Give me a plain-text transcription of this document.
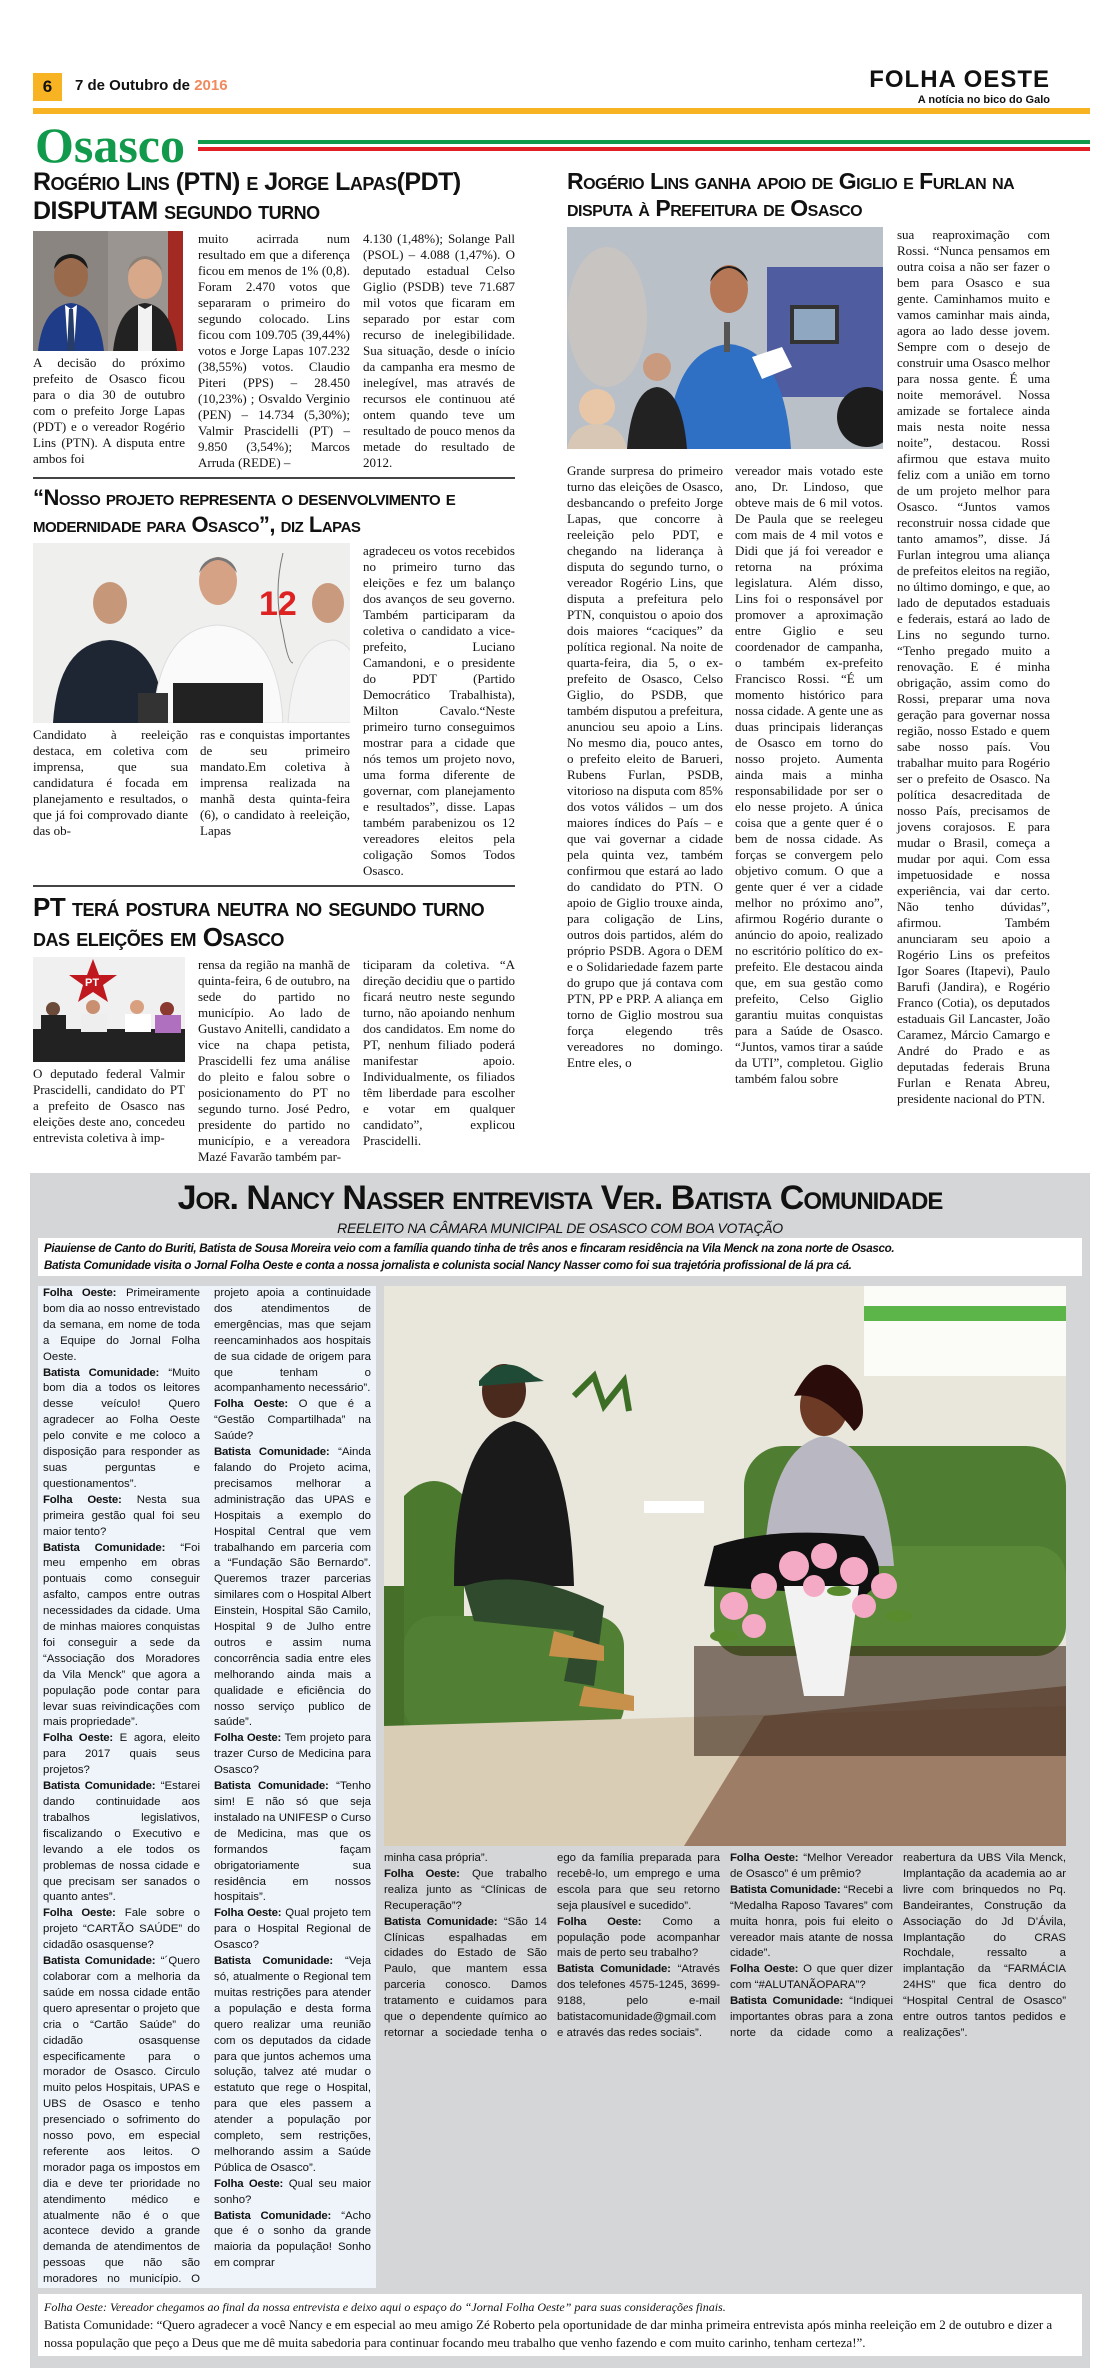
6	7 de Outubro de 2016	FOLHA OESTE
A notícia no bico do Galo
Osasco
Rogério Lins (PTN) e Jorge Lapas(PDT) DISPUTAM segundo turno
A decisão do próximo prefeito de Osasco ficou para o dia 30 de outubro com o prefeito Jorge Lapas (PDT) e o vereador Rogério Lins (PTN). A disputa entre ambos foi
muito acirrada num resultado em que a diferença ficou em menos de 1% (0,8). Foram 2.470 votos que separaram o primeiro do segundo colocado. Lins ficou com 109.705 (39,44%) votos e Jorge Lapas 107.232 (38,55%) votos. Claudio Piteri (PPS) – 28.450 (10,23%) ; Osvaldo Verginio (PEN) – 14.734 (5,30%); Valmir Prascidelli (PT) – 9.850 (3,54%); Marcos Arruda (REDE) –
4.130 (1,48%); Solange Pall (PSOL) – 4.088 (1,47%). O deputado estadual Celso Giglio (PSDB) teve 71.687 mil votos que ficaram em separado por estar com recurso de inelegibilidade. Sua situação, desde o início da campanha era mesmo de inelegível, mas através de recursos ele continuou até ontem quando teve um resultado de pouco menos da metade do resultado de 2012.
“Nosso projeto representa o desenvolvimento e modernidade para Osasco”, diz Lapas
12
Candidato à reeleição destaca, em coletiva com imprensa, que sua candidatura é focada em planejamento e resultados, o que já foi comprovado diante das ob-
ras e conquistas importantes de seu primeiro mandato.Em coletiva à imprensa realizada na manhã desta quinta-feira (6), o candidato à reeleição, Lapas
agradeceu os votos recebidos no primeiro turno das eleições e fez um balanço dos avanços de seu governo. Também participaram da coletiva o candidato a vice-prefeito, Luciano Camandoni, e o presidente do PDT (Partido Democrático Trabalhista), Milton Cavalo.“Neste primeiro turno conseguimos mostrar para a cidade que nós temos um projeto novo, uma forma diferente de governar, com planejamento e resultados”, disse. Lapas também parabenizou os 12 vereadores eleitos pela coligação Somos Todos Osasco.
PT terá postura neutra no segundo turno das eleições em Osasco
PT
O deputado federal Valmir Prascidelli, candidato do PT a prefeito de Osasco nas eleições deste ano, concedeu entrevista coletiva à imp-
rensa da região na manhã de quinta-feira, 6 de outubro, na sede do partido no município. Ao lado de Gustavo Anitelli, candidato a vice na chapa petista, Prascidelli fez uma análise do pleito e falou sobre o posicionamento do PT no segundo turno. José Pedro, presidente do partido no município, e a vereadora Mazé Favarão também par-
ticiparam da coletiva. “A direção decidiu que o partido ficará neutro neste segundo turno, não apoiando nenhum dos candidatos. Em nome do PT, nenhum filiado poderá manifestar apoio. Individualmente, os filiados têm liberdade para escolher e votar em qualquer candidato”, explicou Prascidelli.
Rogério Lins ganha apoio de Giglio e Furlan na disputa à Prefeitura de Osasco
Grande surpresa do primeiro turno das eleições de Osasco, desbancando o prefeito Jorge Lapas, que concorre à reeleição pelo PDT, e chegando na liderança à disputa do segundo turno, o vereador Rogério Lins, que disputa a prefeitura pelo PTN, conquistou o apoio dos dois maiores “caciques” da política regional. Na noite de quarta-feira, dia 5, o ex-prefeito de Osasco, Celso Giglio, do PSDB, que também disputou a prefeitura, anunciou seu apoio a Lins. No mesmo dia, pouco antes, o prefeito eleito de Barueri, Rubens Furlan, PSDB, vitorioso na disputa com 85% dos votos válidos – um dos maiores índices do País – e que vai governar a cidade pela quinta vez, também confirmou que estará ao lado do candidato do PTN. O apoio de Giglio trouxe ainda, para coligação de Lins, outros dois partidos, além do próprio PSDB. Agora o DEM e o Solidariedade fazem parte do grupo que já contava com PTN, PP e PRP. A aliança em torno de Giglio mostrou sua força elegendo três vereadores no domingo. Entre eles, o
vereador mais votado este ano, Dr. Lindoso, que obteve mais de 6 mil votos. De Paula que se reelegeu com mais de 4 mil votos e Didi que já foi vereador e retorna na próxima legislatura. Além disso, Lins foi o responsável por promover a aproximação entre Giglio e seu coordenador de campanha, o também ex-prefeito Francisco Rossi. “É um momento histórico para nossa cidade. A gente une as duas principais lideranças de Osasco em torno do nosso projeto. Aumenta ainda mais a minha responsabilidade por ser o elo nesse projeto. A única coisa que a gente quer é o bem de nossa cidade. As forças se convergem pelo objetivo comum. O que a gente quer é ver a cidade melhor no próximo ano”, afirmou Rogério durante o anúncio do apoio, realizado no escritório político do ex-prefeito. Ele destacou ainda que, em sua gestão como prefeito, Celso Giglio garantiu muitas conquistas para a Saúde de Osasco. “Juntos, vamos tirar a saúde da UTI”, completou. Giglio também falou sobre
sua reaproximação com Rossi. “Nunca pensamos em outra coisa a não ser fazer o bem para Osasco e sua gente. Caminhamos muito e vamos caminhar mais ainda, agora ao lado desse jovem. Sempre com o desejo de construir uma Osasco melhor para nossa gente. É uma noite memorável. Nossa amizade se fortalece ainda mais nesta noite nessa noite”, destacou. Rossi afirmou que estava muito feliz com a união em torno de um projeto melhor para Osasco. “Juntos vamos reconstruir nossa cidade que tanto amamos”, disse. Já Furlan integrou uma aliança de prefeitos eleitos na região, no último domingo, e que, ao lado de deputados estaduais e federais, estará ao lado de Lins no segundo turno. “Tenho pregado muito a renovação. E é minha obrigação, assim como do Rossi, preparar uma nova geração para governar nossa região, nosso Estado e quem sabe nosso país. Vou trabalhar muito para Rogério ser o prefeito de Osasco. Na política desacreditada de nosso País, precisamos de jovens corajosos. E para mudar o Brasil, começa a mudar por aqui. Com essa impetuosidade e nossa experiência, vai dar certo. Não tenho dúvidas”, afirmou. Também anunciaram seu apoio a Rogério Lins os prefeitos Igor Soares (Itapevi), Paulo Barufi (Jandira), e Rogério Franco (Cotia), os deputados estaduais Gil Lancaster, João Caramez, Márcio Camargo e André do Prado e as deputadas federais Bruna Furlan e Renata Abreu, presidente nacional do PTN.
Jor. Nancy Nasser entrevista Ver. Batista Comunidade
REELEITO NA CÂMARA MUNICIPAL DE OSASCO COM BOA VOTAÇÃO
Piauiense de Canto do Buriti, Batista de Sousa Moreira veio com a família quando tinha de três anos e fincaram residência na Vila Menck na zona norte de Osasco.
Batista Comunidade visita o Jornal Folha Oeste e conta a nossa jornalista e colunista social Nancy Nasser como foi sua trajetória profissional de lá pra cá.
Folha Oeste: Primeiramente bom dia ao nosso entrevistado da semana, em nome de toda a Equipe do Jornal Folha Oeste.
Batista Comunidade: “Muito bom dia a todos os leitores desse veículo! Quero agradecer ao Folha Oeste pelo convite e me coloco a disposição para responder as suas perguntas e questionamentos”.
Folha Oeste: Nesta sua primeira gestão qual foi seu maior tento?
Batista Comunidade: “Foi meu empenho em obras pontuais como conseguir asfalto, campos entre outras necessidades da cidade. Uma de minhas maiores conquistas foi conseguir a sede da “Associação dos Moradores da Vila Menck” que agora a população pode contar para levar suas reivindicações com mais propriedade”.
Folha Oeste: E agora, eleito para 2017 quais seus projetos?
Batista Comunidade: “Estarei dando continuidade aos trabalhos legislativos, fiscalizando o Executivo e levando a ele todos os problemas de nossa cidade e que precisam ser sanados o quanto antes”.
Folha Oeste: Fale sobre o projeto “CARTÃO SAÚDE” do cidadão osasquense?
Batista Comunidade: “´Quero colaborar com a melhoria da saúde em nossa cidade então quero apresentar o projeto que cria o “Cartão Saúde” do cidadão osasquense especificamente para o morador de Osasco. Circulo muito pelos Hospitais, UPAS e UBS de Osasco e tenho presenciado o sofrimento do nosso povo, em especial referente aos leitos. O morador paga os impostos em dia e deve ter prioridade no atendimento médico e atualmente não é o que acontece devido a grande demanda de atendimentos de pessoas que não são moradores no município. O projeto apoia a continuidade dos atendimentos de emergências, mas que sejam reencaminhados aos hospitais de sua cidade de origem para que tenham o acompanhamento necessário”.
Folha Oeste: O que é a “Gestão Compartilhada” na Saúde?
Batista Comunidade: “Ainda falando do Projeto acima, precisamos melhorar a administração das UPAS e Hospitais a exemplo do Hospital Central que vem trabalhando em parceria com a “Fundação São Bernardo”. Queremos trazer parcerias similares com o Hospital Albert Einstein, Hospital São Camilo, Hospital 9 de Julho entre outros e assim numa concorrência sadia entre eles melhorando ainda mais a qualidade e eficiência do nosso serviço publico de saúde”.
Folha Oeste: Tem projeto para trazer Curso de Medicina para Osasco?
Batista Comunidade: “Tenho sim! E não só que seja instalado na UNIFESP o Curso de Medicina, mas que os formandos façam obrigatoriamente sua residência em nossos hospitais”.
Folha Oeste: Qual projeto tem para o Hospital Regional de Osasco?
Batista Comunidade: “Veja só, atualmente o Regional tem muitas restrições para atender a população e desta forma quero realizar uma reunião com os deputados da cidade para que juntos achemos uma solução, talvez até mudar o estatuto que rege o Hospital, para que eles passem a atender a população por completo, sem restrições, melhorando assim a Saúde Pública de Osasco”.
Folha Oeste: Qual seu maior sonho?
Batista Comunidade: “Acho que é o sonho da grande maioria da população! Sonho em comprar
minha casa própria”.
Folha Oeste: Que trabalho realiza junto as “Clínicas de Recuperação”?
Batista Comunidade: “São 14 Clínicas espalhadas em cidades do Estado de São Paulo, que mantem essa parceria conosco. Damos tratamento e cuidamos para que o dependente químico ao retornar a sociedade tenha o ego da família preparada para recebê-lo, um emprego e uma escola para que seu retorno seja plausível e sucedido”.
Folha Oeste: Como a população pode acompanhar mais de perto seu trabalho?
Batista Comunidade: “Através dos telefones 4575-1245, 3699-9188, pelo e-mail batistacomunidade@gmail.com e através das redes sociais”.
Folha Oeste: “Melhor Vereador de Osasco” é um prêmio?
Batista Comunidade: “Recebi a “Medalha Raposo Tavares” com muita honra, pois fui eleito o vereador mais atante de nossa cidade”.
Folha Oeste: O que quer dizer com “#ALUTANÃOPARA”?
Batista Comunidade: “Indiquei importantes obras para a zona norte da cidade como a reabertura da UBS Vila Menck, Implantação da academia ao ar livre com brinquedos no Pq. Bandeirantes, Construção da Associação do Jd D’Ávila, Implantação do CRAS Rochdale, ressalto a implantação da “FARMÁCIA 24HS” que fica dentro do “Hospital Central de Osasco” entre outros tantos pedidos e realizações”.
Folha Oeste: Vereador chegamos ao final da nossa entrevista e deixo aqui o espaço do “Jornal Folha Oeste” para suas considerações finais.
Batista Comunidade: “Quero agradecer a você Nancy e em especial ao meu amigo Zé Roberto pela oportunidade de dar minha primeira entrevista após minha reeleição em 2 de outubro e dizer a nossa população que peço a Deus que me dê muita sabedoria para continuar focando meu trabalho que venho fazendo e com muito carinho, tenham certeza!”.
